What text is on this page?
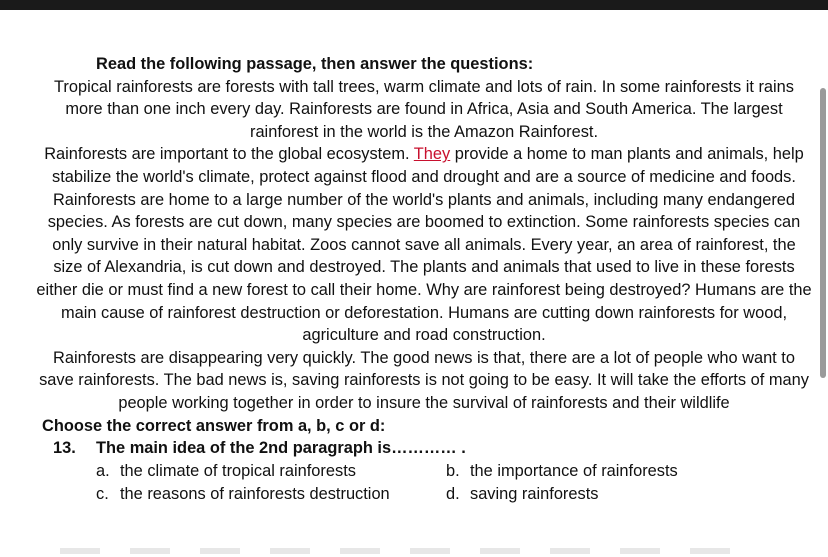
Read the following passage, then answer the questions:

Tropical rainforests are forests with tall trees, warm climate and lots of rain. In some rainforests it rains more than one inch every day. Rainforests are found in Africa, Asia and South America. The largest rainforest in the world is the Amazon Rainforest.

Rainforests are important to the global ecosystem. They provide a home to man plants and animals, help stabilize the world's climate, protect against flood and drought and are a source of medicine and foods.

Rainforests are home to a large number of the world's plants and animals, including many endangered species. As forests are cut down, many species are boomed to extinction. Some rainforests species can only survive in their natural habitat. Zoos cannot save all animals. Every year, an area of rainforest, the size of Alexandria, is cut down and destroyed. The plants and animals that used to live in these forests either die or must find a new forest to call their home. Why are rainforest being destroyed? Humans are the main cause of rainforest destruction or deforestation. Humans are cutting down rainforests for wood, agriculture and road construction.

Rainforests are disappearing very quickly. The good news is that, there are a lot of people who want to save rainforests. The bad news is, saving rainforests is not going to be easy. It will take the efforts of many people working together in order to insure the survival of rainforests and their wildlife

Choose the correct answer from a, b, c or d:
13. The main idea of the 2nd paragraph is………… .
a. the climate of tropical rainforests	b. the importance of rainforests
c. the reasons of rainforests destruction	d. saving rainforests
